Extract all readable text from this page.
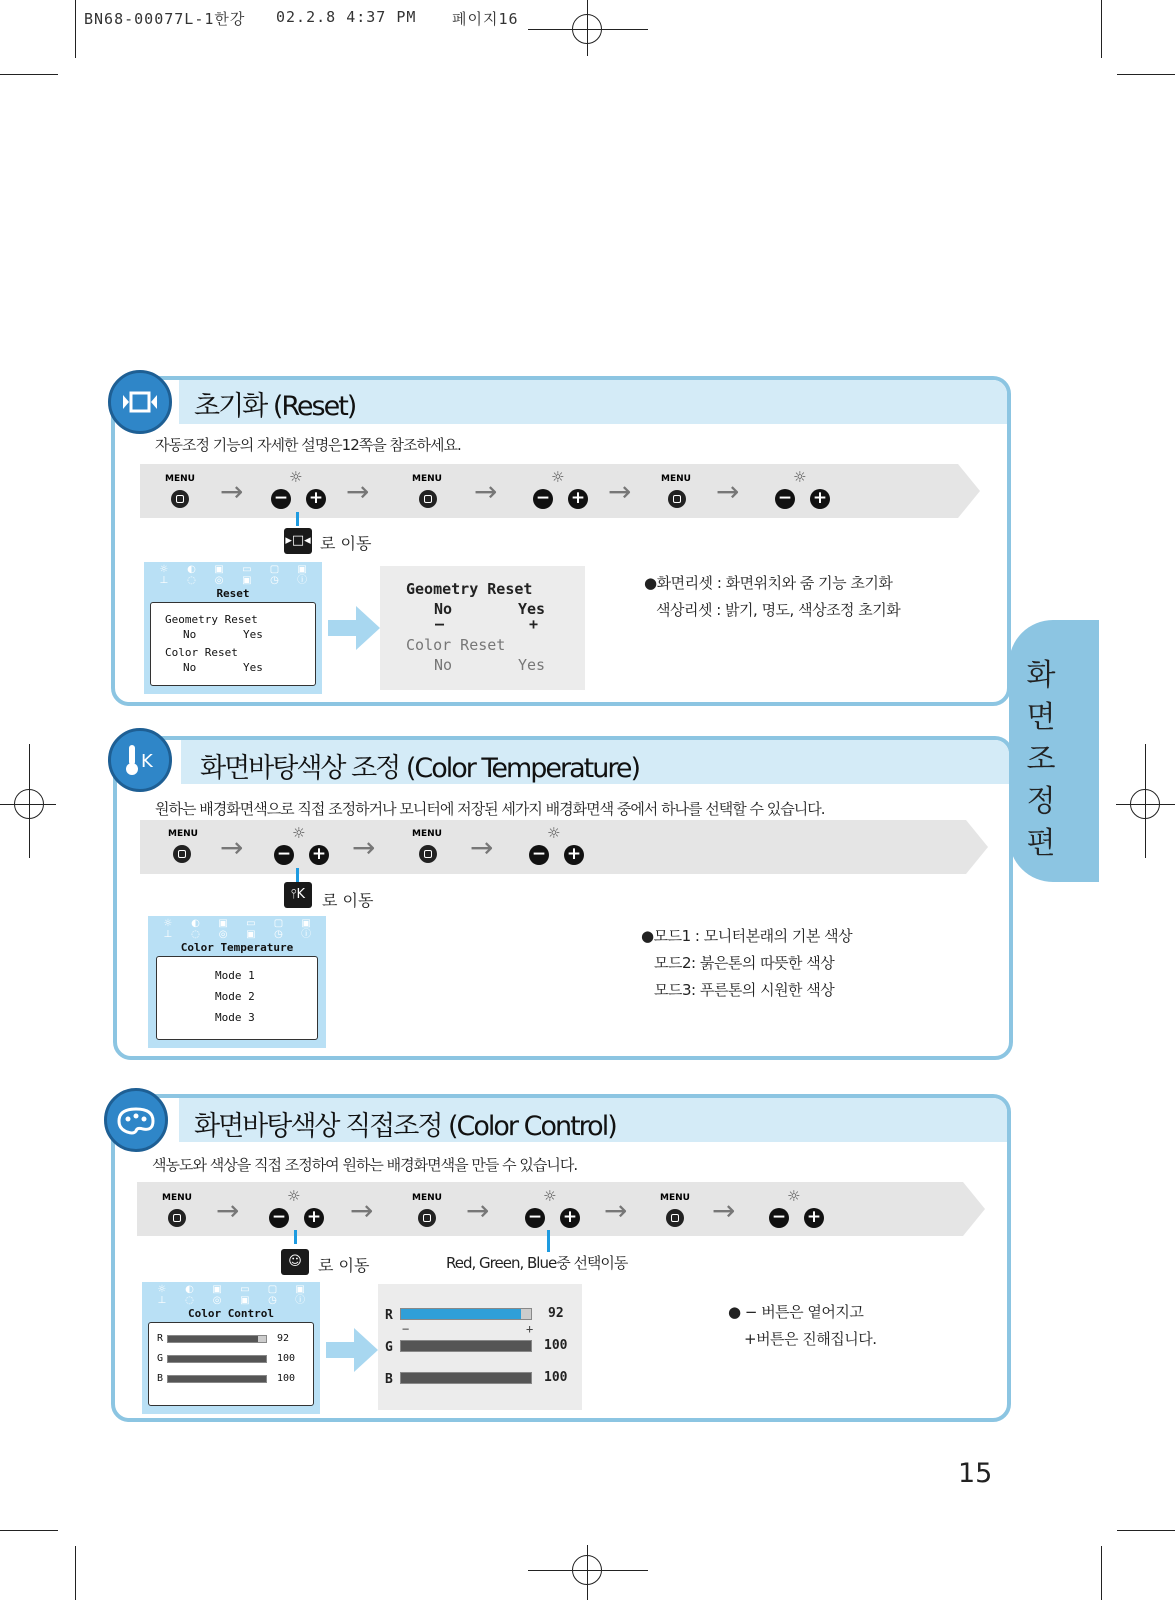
BN68-00077L-1한강 02.2.8 4:37 PM 페이지16
화
면
조
정
편
초기화 (Reset)
자동조정 기능의 자세한 설명은12쪽을 참조하세요.
MENU →	☼
− + →	MENU →	☼
− + →	MENU →	☼
− +
▸□◂ 로 이동
☼	◐	▣	▭	▢	▣
⊥	◌	◎	▣	◷	ⓘ
Reset
Geometry Reset
No	Yes
Color Reset
No	Yes
Geometry Reset
No	Yes
—	+
Color Reset
No	Yes
●화면리셋 : 화면위치와 줌 기능 초기화
색상리셋 : 밝기, 명도, 색상조정 초기화
K 화면바탕색상 조정 (Color Temperature)
원하는 배경화면색으로 직접 조정하거나 모니터에 저장된 세가지 배경화면색 중에서 하나를 선택할 수 있습니다.
MENU →	☼
− + →	MENU →	☼
− +
⫯K	로 이동
☼	◐	▣	▭	▢	▣
⊥	◌	◎	▣	◷	ⓘ
Color Temperature
Mode 1
Mode 2
Mode 3
●모드1 : 모니터본래의 기본 색상
모드2: 붉은톤의 따뜻한 색상
모드3: 푸른톤의 시원한 색상
화면바탕색상 직접조정 (Color Control)
색농도와 색상을 직접 조정하여 원하는 배경화면색을 만들 수 있습니다.
MENU →	☼
− + →	MENU →	☼
− + →	MENU →	☼
− +
☺	로 이동	Red, Green, Blue중 선택이동
☼	◐	▣	▭	▢	▣
⊥	◌	◎	▣	◷	ⓘ
Color Control
R	92
G	100
B	100
R	92
−	+
G	100
B	100
● − 버튼은 옅어지고
+버튼은 진해집니다.
15
